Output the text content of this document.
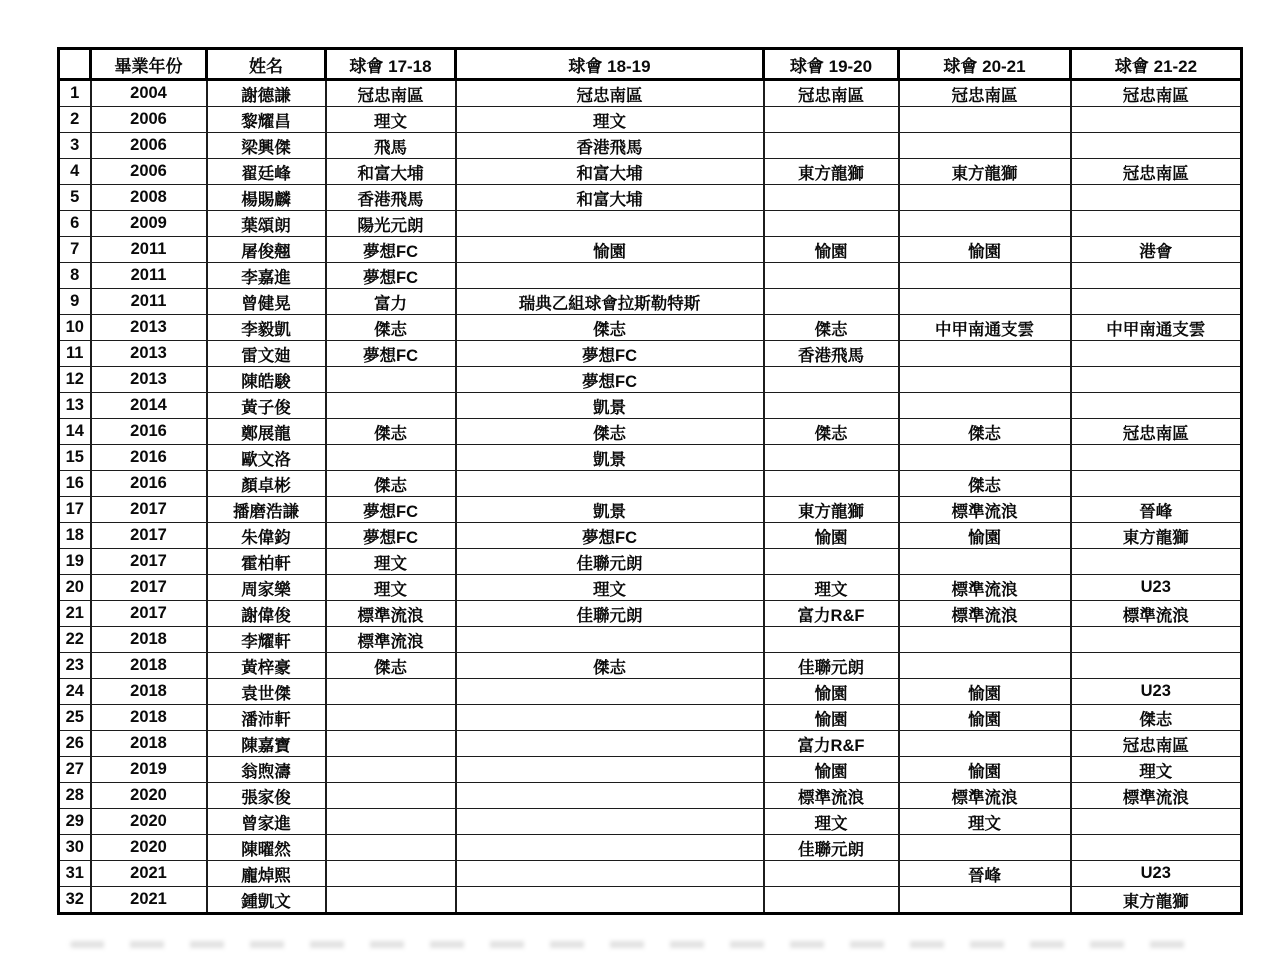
	畢業年份	姓名	球會 17-18	球會 18-19	球會 19-20	球會 20-21	球會 21-22
1	2004	謝德謙	冠忠南區	冠忠南區	冠忠南區	冠忠南區	冠忠南區
2	2006	黎耀昌	理文	理文			
3	2006	梁興傑	飛馬	香港飛馬			
4	2006	翟廷峰	和富大埔	和富大埔	東方龍獅	東方龍獅	冠忠南區
5	2008	楊賜麟	香港飛馬	和富大埔			
6	2009	葉頌朗	陽光元朗				
7	2011	屠俊翹	夢想FC	愉園	愉園	愉園	港會
8	2011	李嘉進	夢想FC				
9	2011	曾健晃	富力	瑞典乙組球會拉斯勒特斯			
10	2013	李毅凱	傑志	傑志	傑志	中甲南通支雲	中甲南通支雲
11	2013	雷文廸	夢想FC	夢想FC	香港飛馬		
12	2013	陳皓駿		夢想FC			
13	2014	黃子俊		凱景			
14	2016	鄭展龍	傑志	傑志	傑志	傑志	冠忠南區
15	2016	歐文洛		凱景			
16	2016	顏卓彬	傑志			傑志	
17	2017	播磨浩謙	夢想FC	凱景	東方龍獅	標準流浪	晉峰
18	2017	朱偉鈞	夢想FC	夢想FC	愉園	愉園	東方龍獅
19	2017	霍柏軒	理文	佳聯元朗			
20	2017	周家樂	理文	理文	理文	標準流浪	U23
21	2017	謝偉俊	標準流浪	佳聯元朗	富力R&F	標準流浪	標準流浪
22	2018	李耀軒	標準流浪				
23	2018	黃梓豪	傑志	傑志	佳聯元朗		
24	2018	袁世傑			愉園	愉園	U23
25	2018	潘沛軒			愉園	愉園	傑志
26	2018	陳嘉寶			富力R&F		冠忠南區
27	2019	翁煦濤			愉園	愉園	理文
28	2020	張家俊			標準流浪	標準流浪	標準流浪
29	2020	曾家進			理文	理文	
30	2020	陳曜然			佳聯元朗		
31	2021	龐焯熙				晉峰	U23
32	2021	鍾凱文					東方龍獅
